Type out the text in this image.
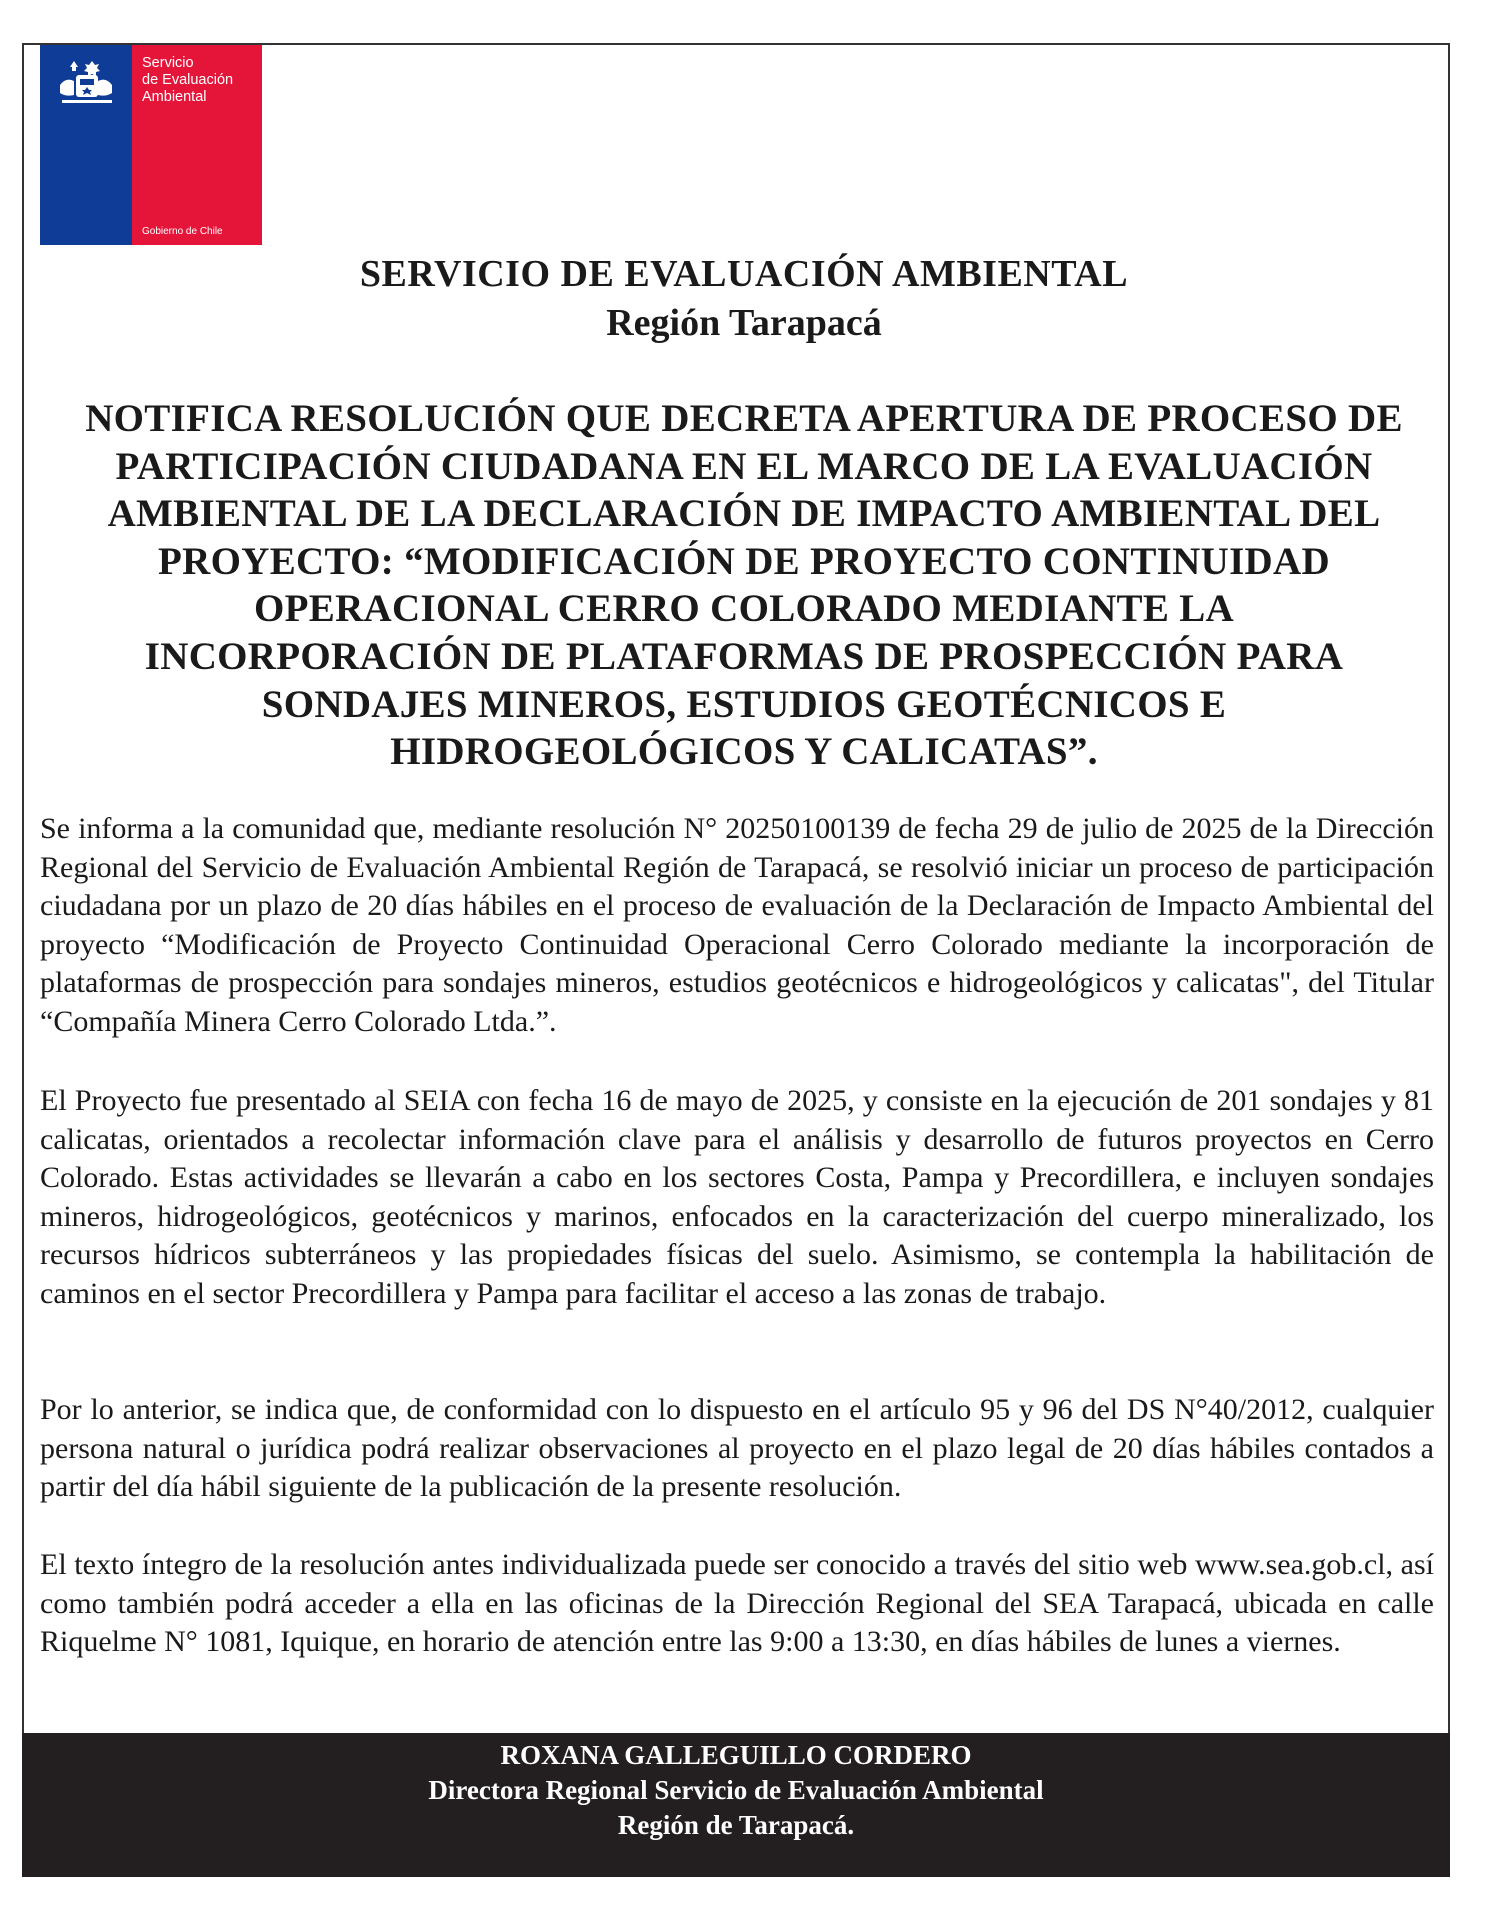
Servicio
de Evaluación
Ambiental
Gobierno de Chile
SERVICIO DE EVALUACIÓN AMBIENTAL
Región Tarapacá
NOTIFICA RESOLUCIÓN QUE DECRETA APERTURA DE PROCESO DE
PARTICIPACIÓN CIUDADANA EN EL MARCO DE LA EVALUACIÓN
AMBIENTAL DE LA DECLARACIÓN DE IMPACTO AMBIENTAL DEL
PROYECTO: “MODIFICACIÓN DE PROYECTO CONTINUIDAD
OPERACIONAL CERRO COLORADO MEDIANTE LA
INCORPORACIÓN DE PLATAFORMAS DE PROSPECCIÓN PARA
SONDAJES MINEROS, ESTUDIOS GEOTÉCNICOS E
HIDROGEOLÓGICOS Y CALICATAS”.

Se informa a la comunidad que, mediante resolución N° 20250100139 de fecha 29 de julio de 2025 de la Dirección Regional del Servicio de Evaluación Ambiental Región de Tarapacá, se resolvió iniciar un proceso de participación ciudadana por un plazo de 20 días hábiles en el proceso de evaluación de la Declaración de Impacto Ambiental del proyecto “Modificación de Proyecto Continuidad Operacional Cerro Colorado mediante la incorporación de plataformas de prospección para sondajes mineros, estudios geotécnicos e hidrogeológicos y calicatas", del Titular “Compañía Minera Cerro Colorado Ltda.”.

El Proyecto fue presentado al SEIA con fecha 16 de mayo de 2025, y consiste en la ejecución de 201 sondajes y 81 calicatas, orientados a recolectar información clave para el análisis y desarrollo de futuros proyectos en Cerro Colorado. Estas actividades se llevarán a cabo en los sectores Costa, Pampa y Precordillera, e incluyen sondajes mineros, hidrogeológicos, geotécnicos y marinos, enfocados en la caracterización del cuerpo mineralizado, los recursos hídricos subterráneos y las propiedades físicas del suelo. Asimismo, se contempla la habilitación de caminos en el sector Precordillera y Pampa para facilitar el acceso a las zonas de trabajo.

Por lo anterior, se indica que, de conformidad con lo dispuesto en el artículo 95 y 96 del DS N°40/2012, cualquier persona natural o jurídica podrá realizar observaciones al proyecto en el plazo legal de 20 días hábiles contados a partir del día hábil siguiente de la publicación de la presente resolución.

El texto íntegro de la resolución antes individualizada puede ser conocido a través del sitio web www.sea.gob.cl, así como también podrá acceder a ella en las oficinas de la Dirección Regional del SEA Tarapacá, ubicada en calle Riquelme N° 1081, Iquique, en horario de atención entre las 9:00 a 13:30, en días hábiles de lunes a viernes.

ROXANA GALLEGUILLO CORDERO
Directora Regional Servicio de Evaluación Ambiental
Región de Tarapacá.
